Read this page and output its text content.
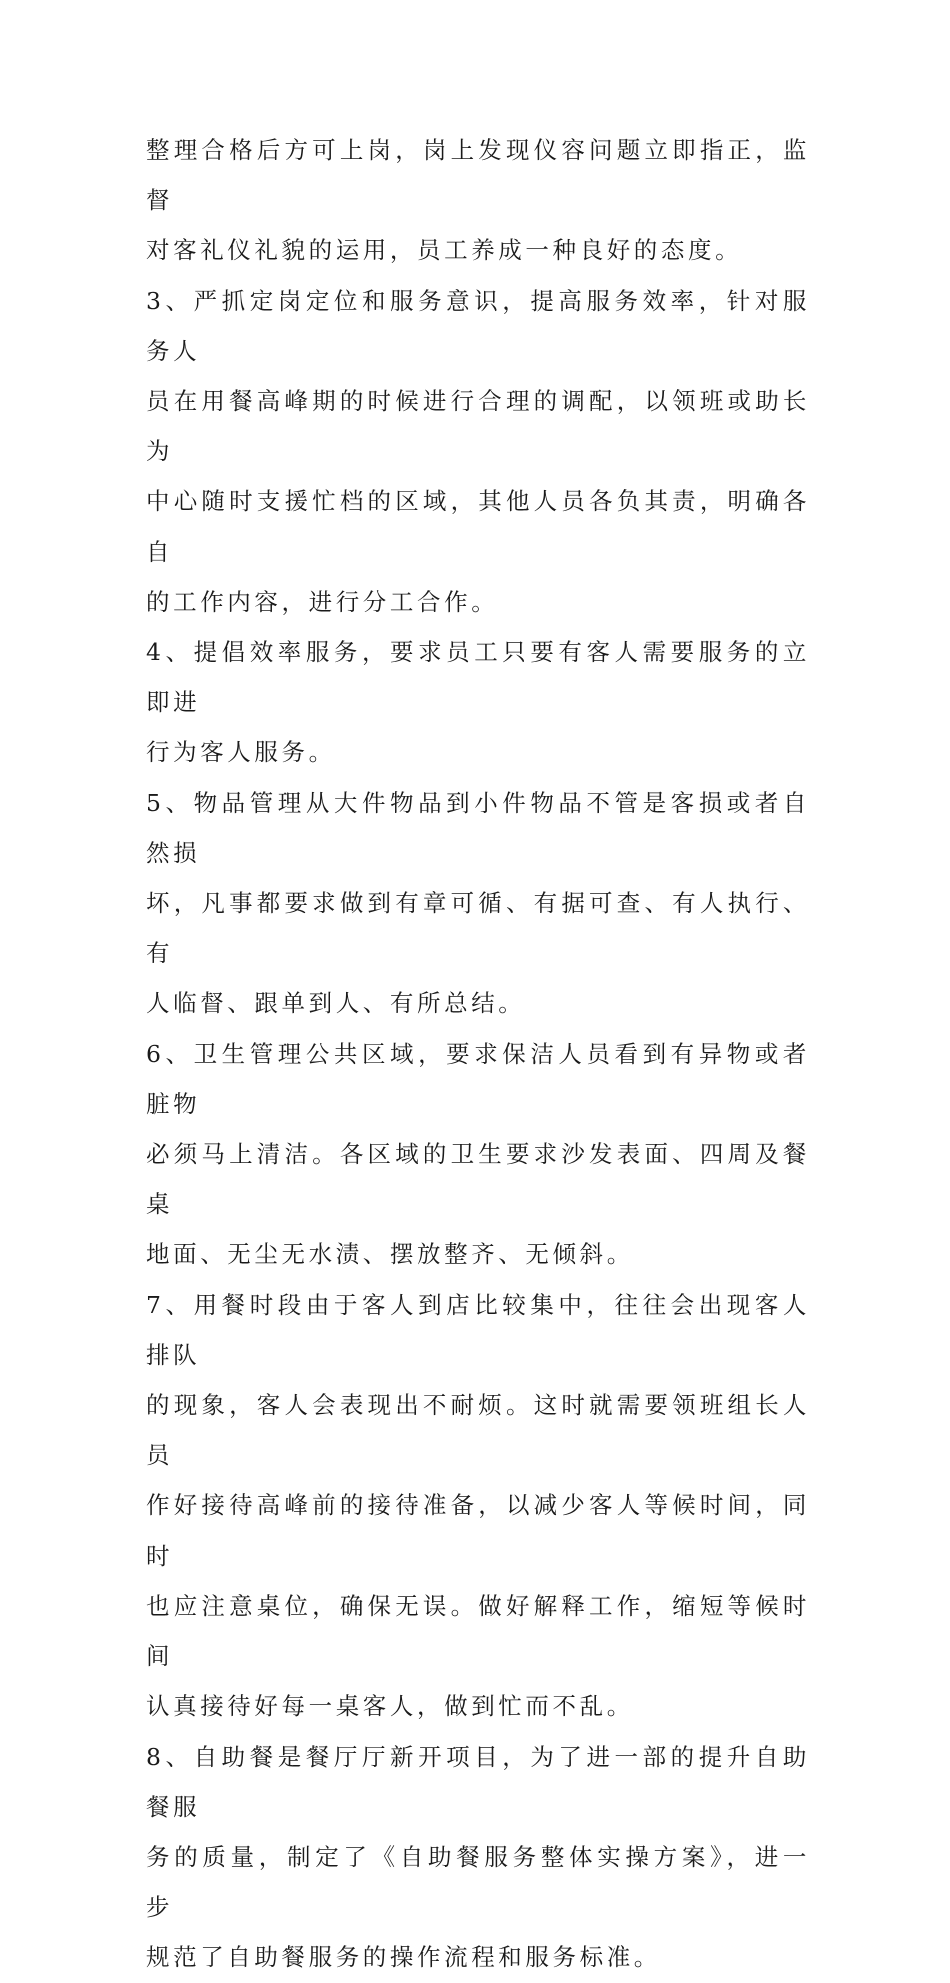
整理合格后方可上岗，岗上发现仪容问题立即指正，监督
对客礼仪礼貌的运用，员工养成一种良好的态度。

3、严抓定岗定位和服务意识，提高服务效率，针对服务人
员在用餐高峰期的时候进行合理的调配，以领班或助长为
中心随时支援忙档的区域，其他人员各负其责，明确各自
的工作内容，进行分工合作。

4、提倡效率服务，要求员工只要有客人需要服务的立即进
行为客人服务。

5、物品管理从大件物品到小件物品不管是客损或者自然损
坏，凡事都要求做到有章可循、有据可查、有人执行、有
人临督、跟单到人、有所总结。

6、卫生管理公共区域，要求保洁人员看到有异物或者脏物
必须马上清洁。各区域的卫生要求沙发表面、四周及餐桌
地面、无尘无水渍、摆放整齐、无倾斜。

7、用餐时段由于客人到店比较集中，往往会出现客人排队
的现象，客人会表现出不耐烦。这时就需要领班组长人员
作好接待高峰前的接待准备，以减少客人等候时间，同时
也应注意桌位，确保无误。做好解释工作，缩短等候时间
认真接待好每一桌客人，做到忙而不乱。

8、自助餐是餐厅厅新开项目，为了进一部的提升自助餐服
务的质量，制定了《自助餐服务整体实操方案》，进一步
规范了自助餐服务的操作流程和服务标准。
